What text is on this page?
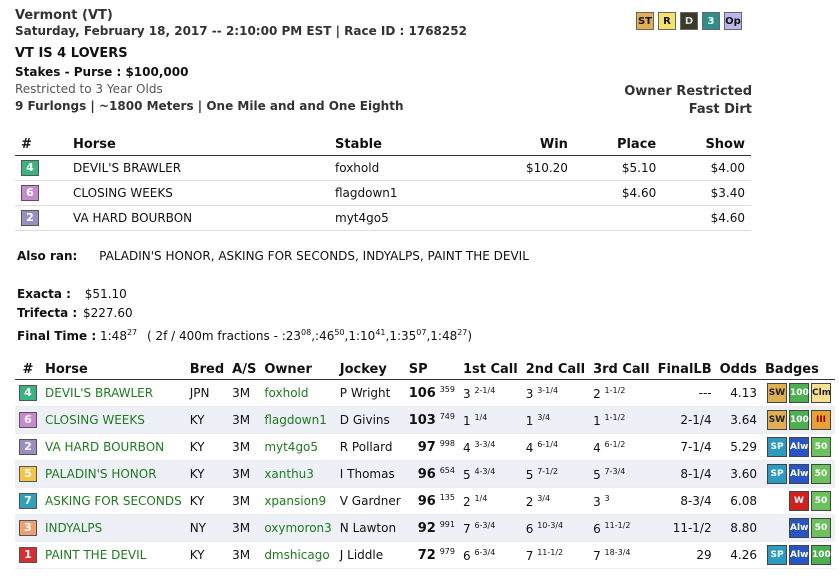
Vermont (VT)
Saturday, February 18, 2017 -- 2:10:00 PM EST | Race ID : 1768252
VT IS 4 LOVERS
Stakes - Purse : $100,000
Restricted to 3 Year Olds
9 Furlongs | ~1800 Meters | One Mile and and One Eighth
ST	R	D	3	Op
Owner Restricted
Fast Dirt
#	Horse	Stable	Win	Place	Show
4	DEVIL'S BRAWLER	foxhold	$10.20	$5.10	$4.00
6	CLOSING WEEKS	flagdown1		$4.60	$3.40
2	VA HARD BOURBON	myt4go5			$4.60
Also ran: PALADIN'S HONOR, ASKING FOR SECONDS, INDYALPS, PAINT THE DEVIL
Exacta : $51.10
Trifecta : $227.60
Final Time : $1:48^{27}$ ( 2f / 400m fractions - $:23^{08},:46^{50},1:10^{41},1:35^{07},1:48^{27}$)
#	Horse	Bred	A/S	Owner	Jockey	SP	1st Call	2nd Call	3rd Call	FinalLB	Odds	Badges
4	DEVIL'S BRAWLER	JPN	3M	foxhold	P Wright	106 $^{359}$	3 $^{2-1/4}$	3 $^{3-1/4}$	2 $^{1-1/2}$	---	4.13	SW 100 Clm
6	CLOSING WEEKS	KY	3M	flagdown1	D Givins	103 $^{749}$	1 $^{1/4}$	1 $^{3/4}$	1 $^{1-1/2}$	2-1/4	3.64	SW 100 III
2	VA HARD BOURBON	KY	3M	myt4go5	R Pollard	97 $^{998}$	4 $^{3-3/4}$	4 $^{6-1/4}$	4 $^{6-1/2}$	7-1/4	5.29	SP Alw 50
5	PALADIN'S HONOR	KY	3M	xanthu3	I Thomas	96 $^{654}$	5 $^{4-3/4}$	5 $^{7-1/2}$	5 $^{7-3/4}$	8-1/4	3.60	SP Alw 50
7	ASKING FOR SECONDS	KY	3M	xpansion9	V Gardner	96 $^{135}$	2 $^{1/4}$	2 $^{3/4}$	3 $^3$	8-3/4	6.08	W 50
3	INDYALPS	NY	3M	oxymoron3	N Lawton	92 $^{991}$	7 $^{6-3/4}$	6 $^{10-3/4}$	6 $^{11-1/2}$	11-1/2	8.80	Alw 50
1	PAINT THE DEVIL	KY	3M	dmshicago	J Liddle	72 $^{979}$	6 $^{6-3/4}$	7 $^{11-1/2}$	7 $^{18-3/4}$	29	4.26	SP Alw 100
